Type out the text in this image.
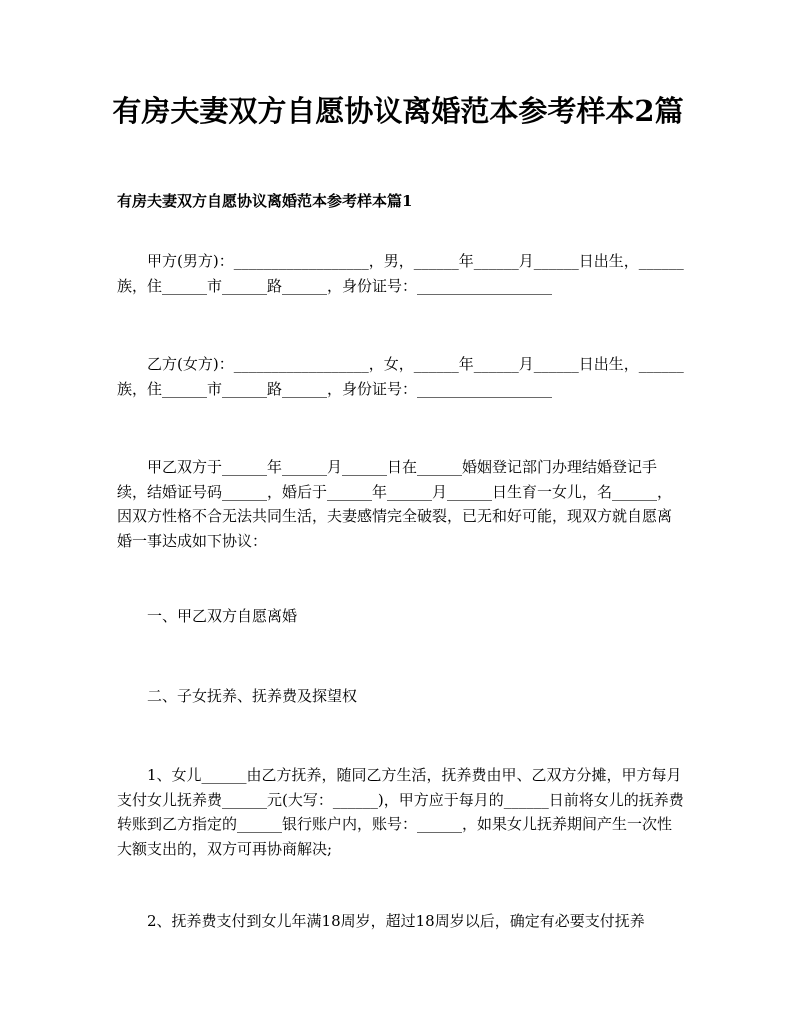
有房夫妻双方自愿协议离婚范本参考样本2篇
有房夫妻双方自愿协议离婚范本参考样本篇1
甲方(男方)：__________________，男，______年______月______日出生，______族，住______市______路______，身份证号：__________________
乙方(女方)：__________________，女，______年______月______日出生，______族，住______市______路______，身份证号：__________________
甲乙双方于______年______月______日在______婚姻登记部门办理结婚登记手续，结婚证号码______，婚后于______年______月______日生育一女儿，名______，因双方性格不合无法共同生活，夫妻感情完全破裂，已无和好可能，现双方就自愿离婚一事达成如下协议：
一、甲乙双方自愿离婚
二、子女抚养、抚养费及探望权
1、女儿______由乙方抚养，随同乙方生活，抚养费由甲、乙双方分摊，甲方每月支付女儿抚养费______元(大写：______)，甲方应于每月的______日前将女儿的抚养费转账到乙方指定的______银行账户内，账号：______，如果女儿抚养期间产生一次性大额支出的，双方可再协商解决;
2、抚养费支付到女儿年满18周岁，超过18周岁以后，确定有必要支付抚养
